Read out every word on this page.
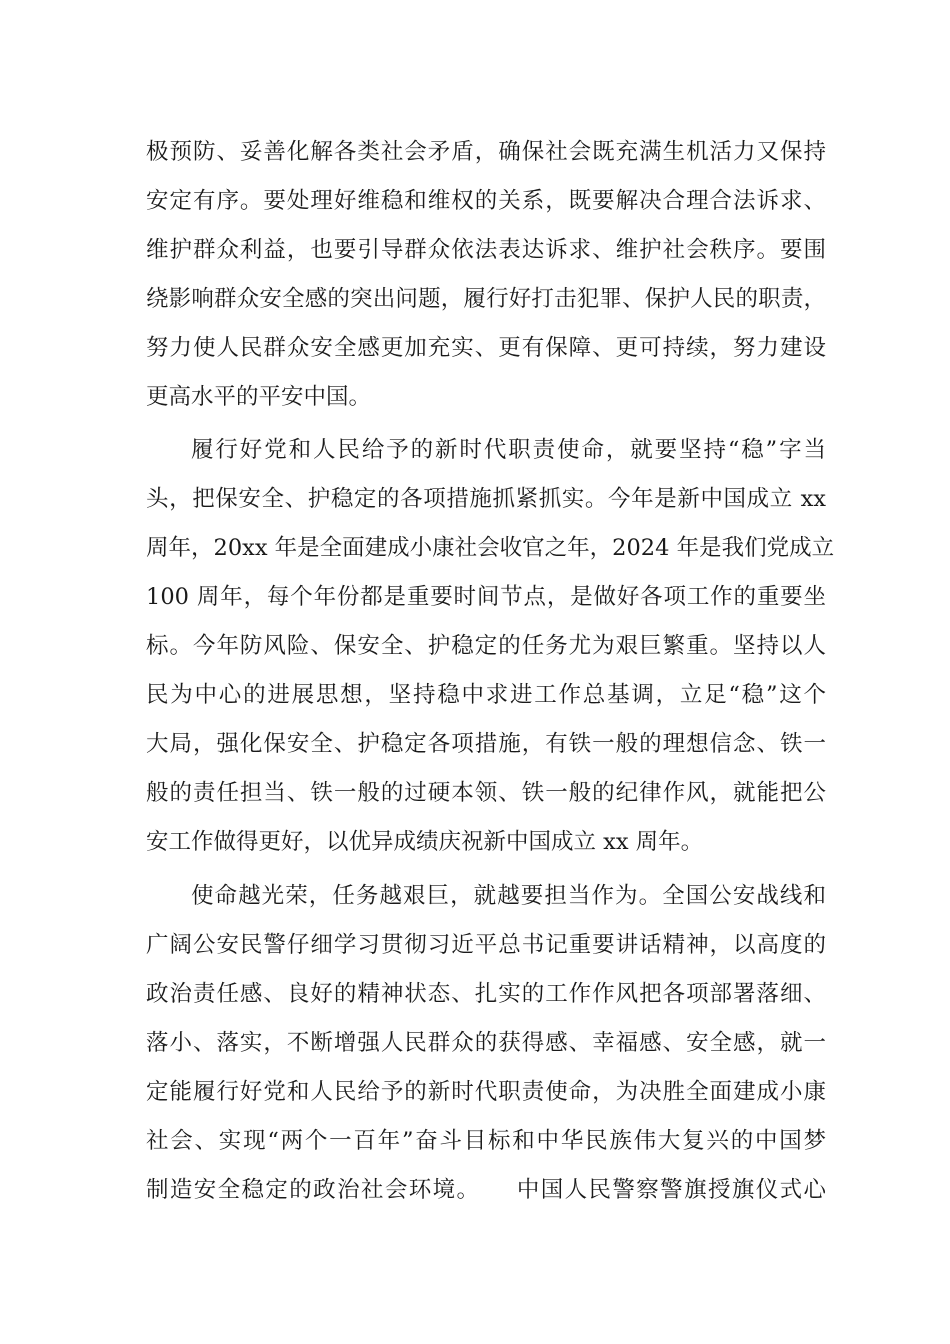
极预防、妥善化解各类社会矛盾，确保社会既充满生机活力又保持
安定有序。要处理好维稳和维权的关系，既要解决合理合法诉求、
维护群众利益，也要引导群众依法表达诉求、维护社会秩序。要围
绕影响群众安全感的突出问题，履行好打击犯罪、保护人民的职责，
努力使人民群众安全感更加充实、更有保障、更可持续，努力建设
更高水平的平安中国。
履行好党和人民给予的新时代职责使命，就要坚持“稳”字当
头，把保安全、护稳定的各项措施抓紧抓实。今年是新中国成立 xx
周年，20xx 年是全面建成小康社会收官之年，2024 年是我们党成立
100 周年，每个年份都是重要时间节点，是做好各项工作的重要坐
标。今年防风险、保安全、护稳定的任务尤为艰巨繁重。坚持以人
民为中心的进展思想，坚持稳中求进工作总基调，立足“稳”这个
大局，强化保安全、护稳定各项措施，有铁一般的理想信念、铁一
般的责任担当、铁一般的过硬本领、铁一般的纪律作风，就能把公
安工作做得更好，以优异成绩庆祝新中国成立 xx 周年。
使命越光荣，任务越艰巨，就越要担当作为。全国公安战线和
广阔公安民警仔细学习贯彻习近平总书记重要讲话精神，以高度的
政治责任感、良好的精神状态、扎实的工作作风把各项部署落细、
落小、落实，不断增强人民群众的获得感、幸福感、安全感，就一
定能履行好党和人民给予的新时代职责使命，为决胜全面建成小康
社会、实现“两个一百年”奋斗目标和中华民族伟大复兴的中国梦
制造安全稳定的政治社会环境。　　中国人民警察警旗授旗仪式心
